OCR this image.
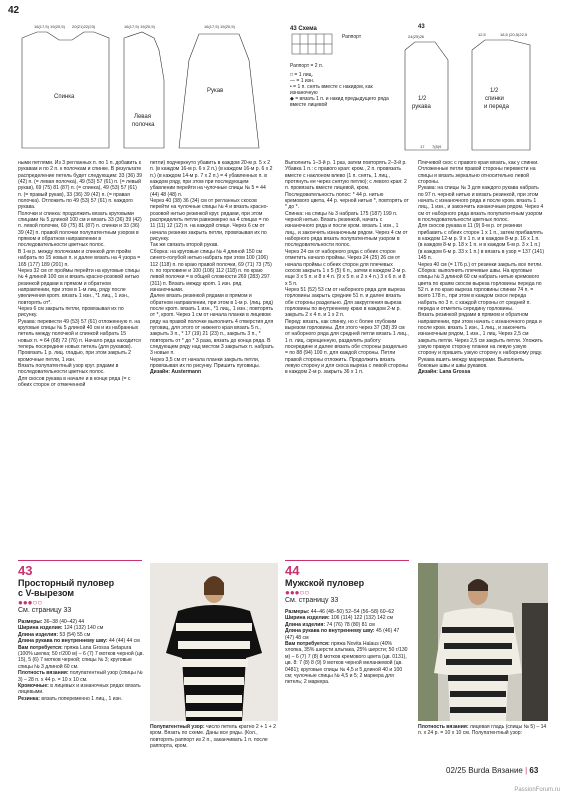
42
16(17,5) 19(20,5) 20(21)22(23)	16(17,5) 19(20,5)	16(17,5) 19(20,5)
Спинка
Левая
полочка
Рукав
43 Схема
Раппорт
Раппорт = 2 п.
□ = 1 лиц.
— = 1 изн.
• = 1 п. снять вместе с накидом, как изнаночную
◆ = вязать 1 п. и накид предыдущего ряда вместе лицевой
43
1/2
рукава
1/2
спинки
и переда
24(25)26	12,5	18,5 (20,5)22,5
17 7(8)9

ными петлями. Из 3 регланных п. по 1 п. добавить к рукавам и по 2 п. к полочкам и спинке. В результате распределение петель будет следующим: 33 (36) 39 (42) п. (= левая полочка), 49 (53) 57 (61) п. (= левый рукав), 69 (75) 81 (87) п. (= спинка), 49 (53) 57 (61) п. (= правый рукав), 33 (36) 39 (42) п. (= правая полочка). Отложить по 49 (53) 57 (61) п. каждого рукава.

Полочки и спинка: продолжить вязать круговыми спицами № 5 длиной 100 см и вязать 33 (36) 39 (42) п. левой полочки, 69 (75) 81 (87) п. спинки и 33 (36) 39 (42) п. правой полочки полупатентным узором в прямом и обратном направлении в последовательности цветных полос.

В 1-м р. между полочками и спинкой для пройм набрать по 15 новых п. и далее вязать на 4 узора = 165 (177) 189 (201) п.

Через 32 см от проймы перейти на круговые спицы № 4 длиной 100 см и вязать красно-розовой нитью резинкой рядами в прямом и обратном направлении, при этом в 1-м лиц. ряду после увеличения крom. вязать 1 изн., *1 лиц., 1 изн., повторять от*.

Через 6 см закрыть петли, провязывая их по рисунку.

Рукава: перевести 49 (53) 57 (61) отложенную п. на круговые спицы № 5 длиной 40 см и из набранных петель между полочкой и спинкой набрать 15 новых п. = 64 (68) 72 (76) п. Начало ряда находится теперь посередине новых петель (для рукавов). Провязать 1 р. лиц. гладью, при этом закрыть 2 кромочные петли, 1 изн.

Вязать полупатентный узор круг. рядами в последовательности цветных полос.

Для скосов рукава в начале и в конце ряда (= с обеих сторон от отмеченной

петли) подчеркнуто убавить в каждом 20-м р. 5 х 2 п. (в каждом 16-м р. 6 х 2 п.) (в каждом 16-м р. 6 х 2 п.) (в каждом 14-м р. 7 х 2 п.) = 4 убавленных п. в каждом ряду, при этом при последующем убавлении перейти на чулочные спицы № 5 = 44 (44) 48 (48) п.

Через 40 (38) 36 (34) см от регланных скосов перейти на чулочные спицы № 4 и вязать красно-розовой нитью резинкой круг. рядами, при этом распределить петли равномерно на 4 спицах = по 11 (11) 12 (12) п. на каждой спице. Через 6 см от начала резинки закрыть петли, провязывая их по рисунку.

Так же связать второй рукав.

Сборка: на круговые спицы № 4 длиной 150 см синего-голубой нитью набрать при этом 100 (106) 112 (118) п. по краю правой полочки, 69 (71) 73 (75) п. по горловине и 100 (106) 112 (118) п. по краю левой полочки = в общей сложности 269 (283) 297 (311) п. Вязать между крom. 1 изн. ряд изнаночными.

Далее вязать резинкой рядами в прямом и обратном направлении, при этом в 1-м р. (лиц. ряд) после крom. вязать 1 изн., *1 лиц., 1 изн.; повторять от *, крom. Через 1 см от начала планки в лицевом ряду на правой полочке выполнить 4 отверстия для пуговиц, для этого от нижнего края вязать 5 п., закрыть 3 п., * 17 (19) 21 (23) п., закрыть 3 п., * повторить от * до * 3 раза, вязать до конца ряда. В следующем ряду над местом 3 закрытых п. набрать 3 новые п.

Через 3,5 см от начала планки закрыть петли, провязывая их по рисунку. Пришить пуговицы.

Дизайн: Austermann

Выполнить 1–3-й р. 1 раз, затем повторять 2–3-й р.

Убавка 1 п.: с правого края: кром., 2 п. провязать вместе с наклоном влево (1 п. снять, 1 лиц., протянуть ее через снятую петлю); с левого края: 2 п. провязать вместе лицевой, кром.

Последовательность полос: * 44 р. нитью кремового цвета, 44 р. черной нитью *, повторять от * до *.

Спинка: на спицы № 3 набрать 175 (187) 199 п. черной нитью. Вязать резинкой, начать с изнаночного ряда и после кром. вязать 1 изн., 1 лиц., и закончить изнаночным рядом. Через 4 см от наборного ряда вязать полупатентным узором в последовательности полос.

Через 24 см от наборного ряда с обеих сторон отметить начало проймы. Через 24 (25) 26 см от начала проймы с обеих сторон для плечевых скосов закрыть 1 х 5 (5) 6 п., затем в каждом 2-м р. еще 3 х 5 п. и 8 х 4 п. (9 х 5 п. и 2 х 4 п.) 3 х 6 п. и 8 х 5 п.

Через 51 (52) 53 см от наборного ряда для выреза горловины закрыть средние 51 п. и далее вязать обе стороны раздельно. Для закругления выреза горловины по внутреннему краю в каждом 2-м р. закрыть 2 х 4 п. и 1 х 2 п.

Перед: вязать, как спинку, но с более глубоким вырезом горловины. Для этого через 37 (38) 39 см от наборного ряда для средней петли вязать 1 лиц., 1 п. лиц. скрещенную, разделить работу посередине и далее вязать обе стороны раздельно = по 88 (94) 100 п. для каждой стороны. Петли правой стороны отложить. Продолжить вязать левую сторону и для скоса выреза с левой стороны в каждом 2-м р. закрыть 36 х 1 п.

Плечевой скос с правого края вязать, как у спинки. Отложенные петли правой стороны перевести на спицы и вязать зеркально относительно левой стороны.

Рукава: на спицы № 3 для каждого рукава набрать по 97 п. черной нитью и вязать резинкой, при этом начать с изнаночного ряда и после кром. вязать 1 лиц., 1 изн., и закончить изнаночным рядом. Через 4 см от наборного ряда вязать полупатентным узором в последовательности цветных полос.

Для скосов рукава в 11 (9) 9-м р. от резинки прибавить с обеих сторон 1 х 1 п., затем прибавлять в каждом 12-м р. 9 х 1 п. и в каждом 8-м р. 16 х 1 п. (в каждом 8-м р. 18 х 1 п. и в каждом 6-м р. 3 х 1 п.) (в каждом 6-м р. 33 х 1 п.) в вязать в узор = 137 (141) 145 п.

Через 40 см (= 176 р.) от резинки закрыть все петли.

Сборка: выполнить плечевые швы. На круговые спицы № 3 длиной 60 см набрать нитью кремового цвета по краям скосов выреза горловины переда по 52 п. и по краю выреза горловины спинки 74 п. = всего 178 п., при этом в каждом скосе переда набрать по 3 п. с каждой стороны от средней п. переда и отметить середину горловины.

Вязать резинкой рядами в прямом и обратном направлении, при этом начать с изнаночного ряда и после кром. вязать 1 изн., 1 лиц., и закончить изнаночным рядом, 1 изн., 1 лиц. Через 2,5 см закрыть петли. Через 2,5 см закрыть петли. Уложить узкую правую сторону планки на левую узкую сторону и пришить узкую сторону к наборному ряду.

Рукава вшить между маркерами. Выполнить боковые швы и швы рукавов.

Дизайн: Lana Grossa

43
Просторный пуловер
с V-вырезом
●●●○○
См. страницу 33

Размеры: 36–38 (40–42) 44

Ширина изделия: 124 (132) 140 см

Длина изделия: 53 (54) 55 см

Длина рукава по внутреннему шву: 44 (44) 44 см

Вам потребуется: пряжа Lana Grossa Setapura (100% шелка; 50 г/200 м) – 6 (7) 7 мотков черной (цв. 15), 5 (6) 7 мотков черной; спицы № 3; круговые спицы № 3 длиной 60 см.

Плотность вязания: полупатентный узор (спицы № 3) – 28 п. х 44 р. = 10 х 10 см.

Кромочные: в лицевых и изнаночных рядах вязать лицевыми.

Резинка: вязать попеременно 1 лиц., 1 изн.

Полупатентный узор: число петель кратно 2 + 1 + 2 кром. Вязать по схеме. Даны все ряды. (Кол., повторять раппорт из 2 п., заканчивать 1 п. после раппорта, кром.

44
Мужской пуловер
●●●○○
См. страницу 33

Размеры: 44–46 (48–50) 52–54 (56–58) 60–62

Ширина изделия: 106 (114) 122 (132) 142 см

Длина изделия: 74 (76) 78 (80) 81 см

Длина рукава по внутреннему шву: 45 (46) 47 (47) 48 см

Вам потребуется: пряжа Novita Halaus (40% хлопка, 35% шерсти альпака, 25% шерсти; 50 г/130 м) – 6 (7) 7 (8) 8 мотков кремового цвета (цв. 0131), цв. 8: 7 (8) 8 (9) 9 мотков черной меланжевой (цв. 0481); круговые спицы № 4,5 и 5 длиной 40 и 100 см; чулочные спицы № 4,5 и 5; 2 маркера для петель; 2 маркера.

Плотность вязания: лицевая гладь (спицы № 5) – 14 п. х 24 р. = 10 х 10 см. Полупатентный узор:

02/25 Burda Вязание | 63
PassionForum.ru
